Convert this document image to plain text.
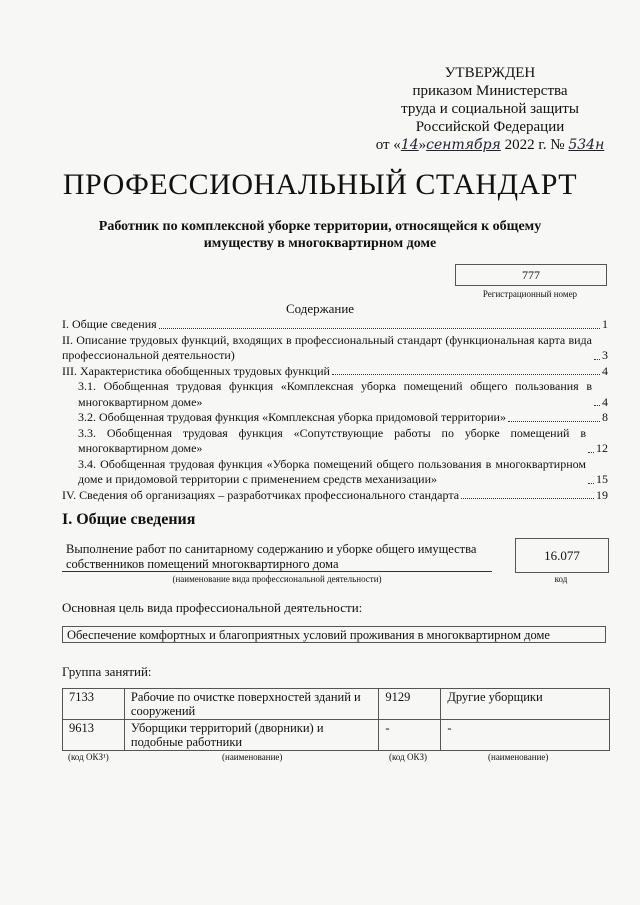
УТВЕРЖДЕН
приказом Министерства
труда и социальной защиты
Российской Федерации
от «14»сентября 2022 г. № 534н
ПРОФЕССИОНАЛЬНЫЙ СТАНДАРТ
Работник по комплексной уборке территории, относящейся к общему имуществу в многоквартирном доме
777
Регистрационный номер
Содержание
I. Общие сведения	1
II. Описание трудовых функций, входящих в профессиональный стандарт (функциональная карта вида профессиональной деятельности)	3
III. Характеристика обобщенных трудовых функций	4
3.1. Обобщенная трудовая функция «Комплексная уборка помещений общего пользования в многоквартирном доме»	4
3.2. Обобщенная трудовая функция «Комплексная уборка придомовой территории»	8
3.3. Обобщенная трудовая функция «Сопутствующие работы по уборке помещений в многоквартирном доме»	12
3.4. Обобщенная трудовая функция «Уборка помещений общего пользования в многоквартирном доме и придомовой территории с применением средств механизации»	15
IV. Сведения об организациях – разработчиках профессионального стандарта	19
I. Общие сведения
Выполнение работ по санитарному содержанию и уборке общего имущества собственников помещений многоквартирного дома
(наименование вида профессиональной деятельности)
16.077
код
Основная цель вида профессиональной деятельности:
Обеспечение комфортных и благоприятных условий проживания в многоквартирном доме
Группа занятий:
7133	Рабочие по очистке поверхностей зданий и сооружений	9129	Другие уборщики
9613	Уборщики территорий (дворники) и подобные работники	-	-
(код ОКЗ¹)	(наименование)	(код ОКЗ)	(наименование)
